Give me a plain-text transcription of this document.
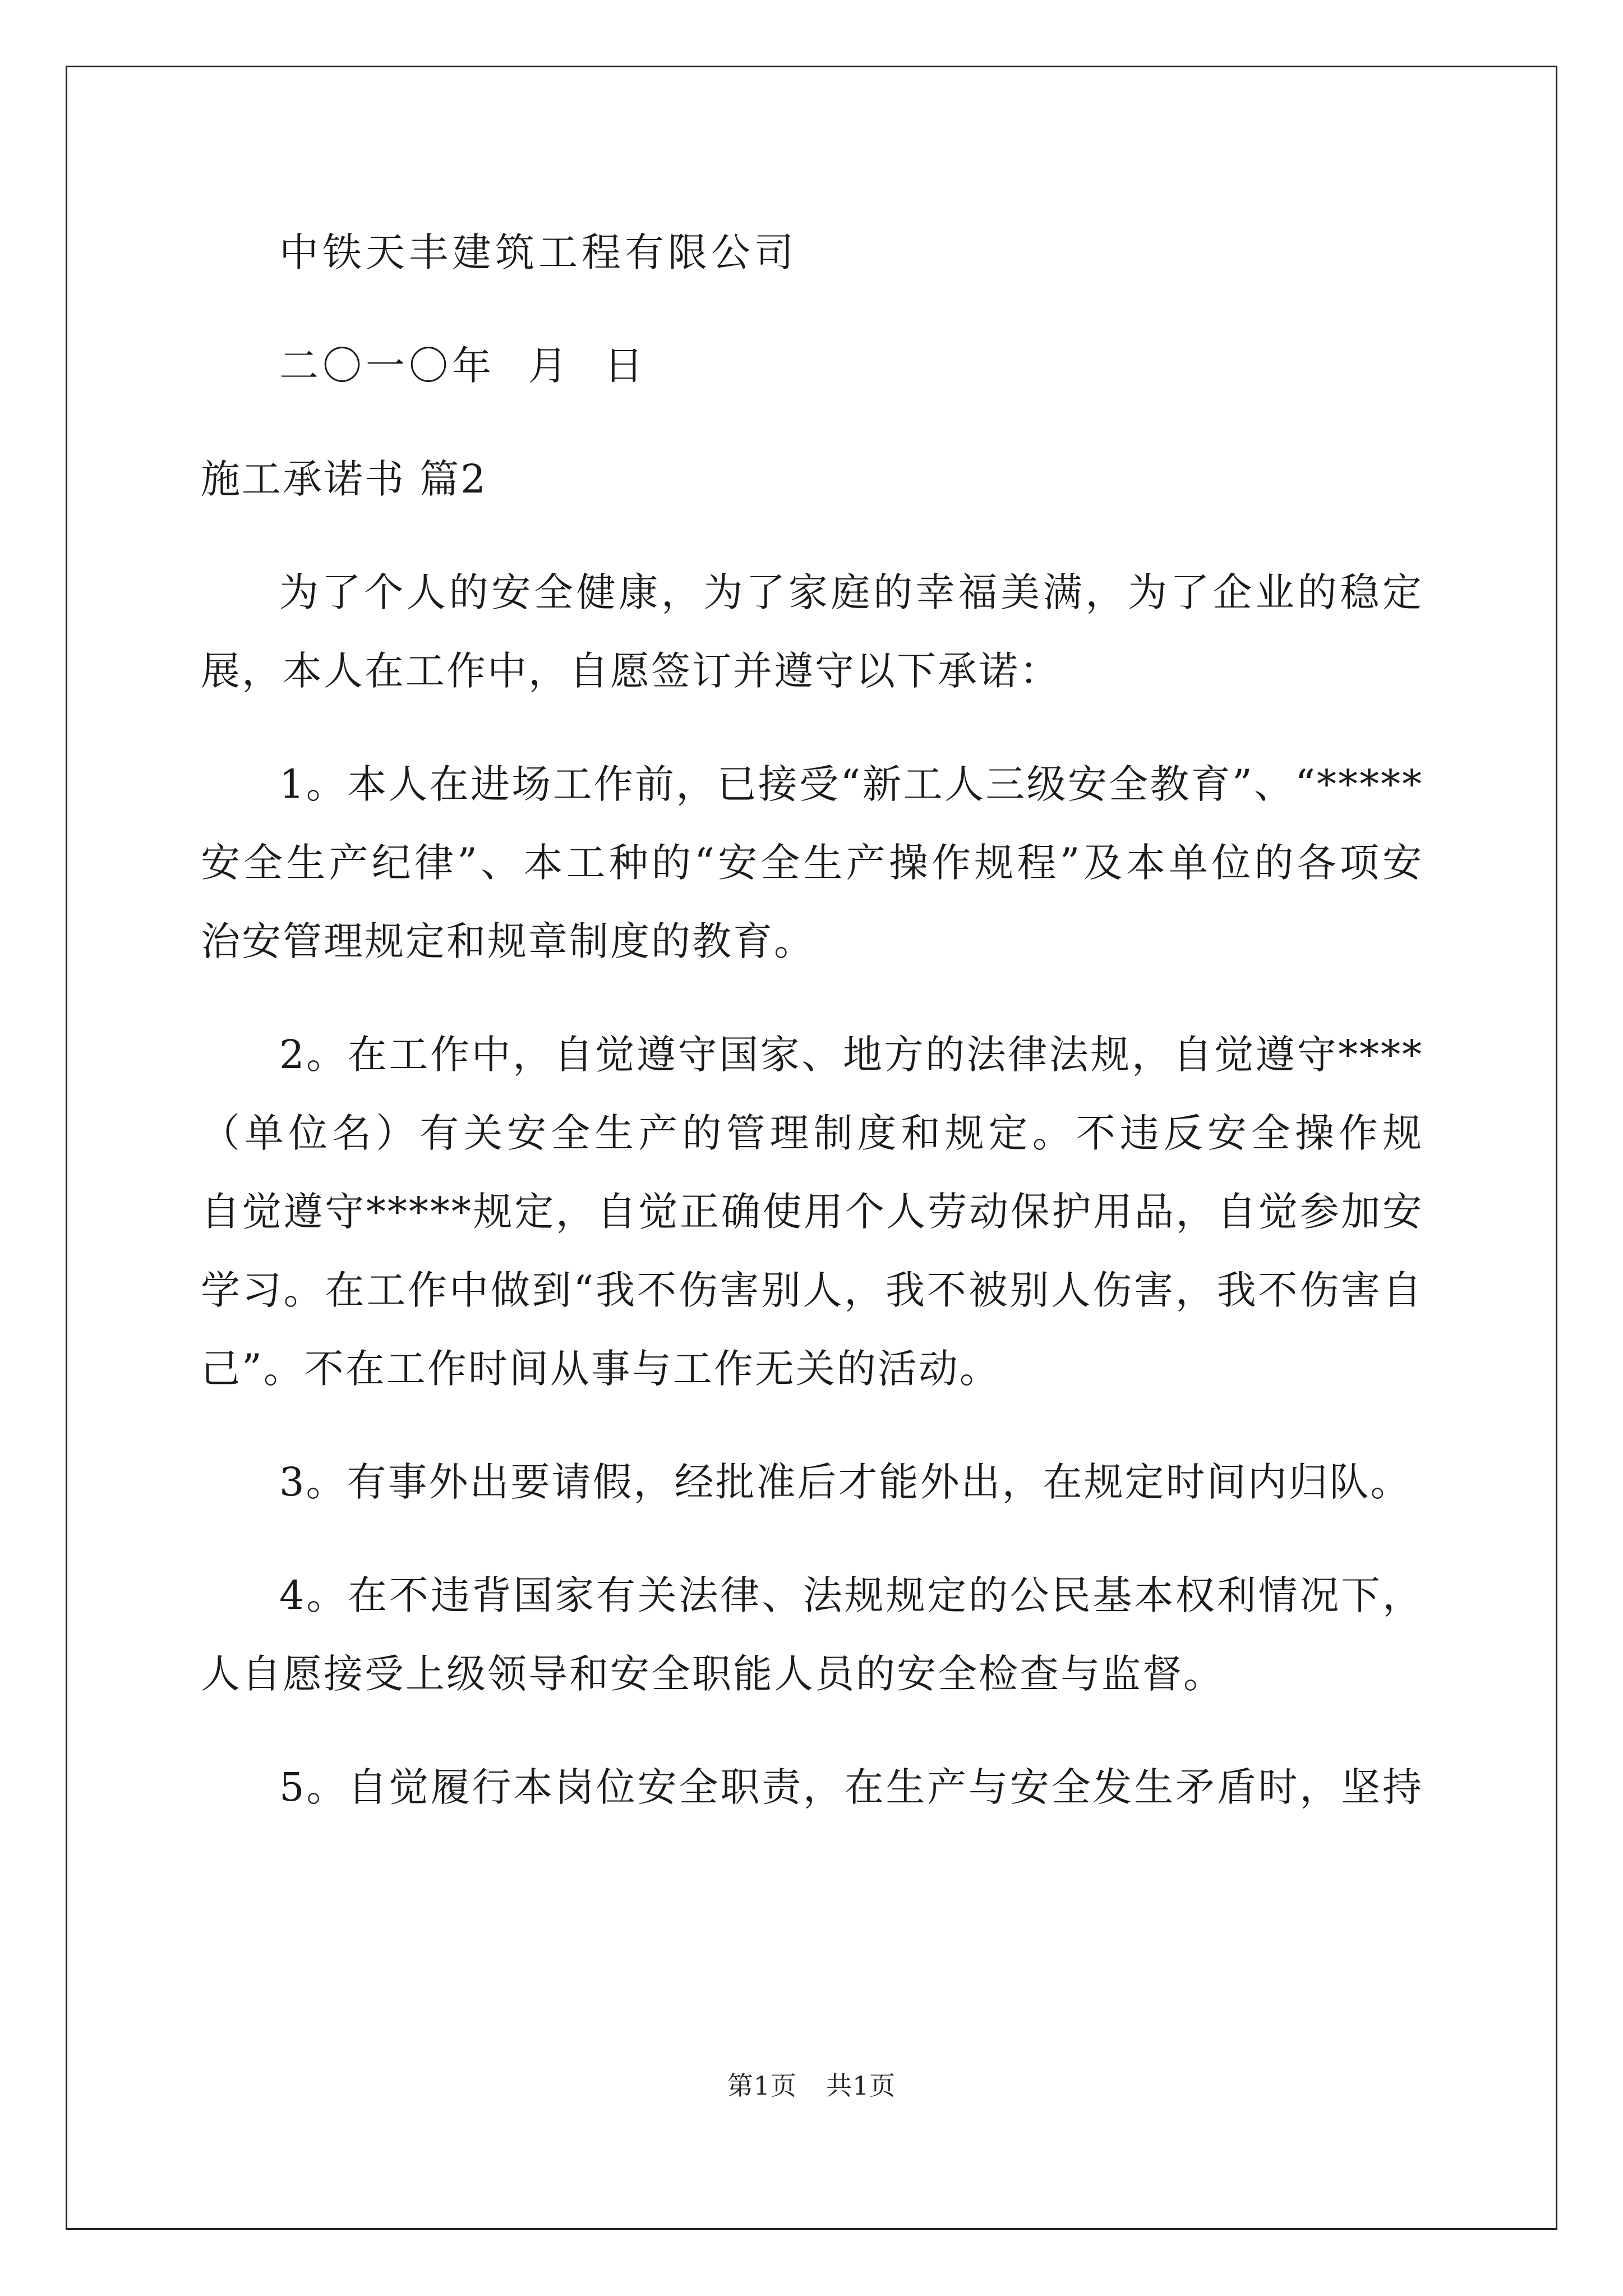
中铁天丰建筑工程有限公司
二〇一〇年  月  日
施工承诺书 篇2
为了个人的安全健康，为了家庭的幸福美满，为了企业的稳定
展，本人在工作中，自愿签订并遵守以下承诺：
1。本人在进场工作前，已接受“新工人三级安全教育”、“*****
安全生产纪律”、本工种的“安全生产操作规程”及本单位的各项安
治安管理规定和规章制度的教育。
2。在工作中，自觉遵守国家、地方的法律法规，自觉遵守****
（单位名）有关安全生产的管理制度和规定。不违反安全操作规
自觉遵守*****规定，自觉正确使用个人劳动保护用品，自觉参加安
学习。在工作中做到“我不伤害别人，我不被别人伤害，我不伤害自
己”。不在工作时间从事与工作无关的活动。
3。有事外出要请假，经批准后才能外出，在规定时间内归队。
4。在不违背国家有关法律、法规规定的公民基本权利情况下，
人自愿接受上级领导和安全职能人员的安全检查与监督。
5。自觉履行本岗位安全职责，在生产与安全发生矛盾时，坚持
第1页 共1页
